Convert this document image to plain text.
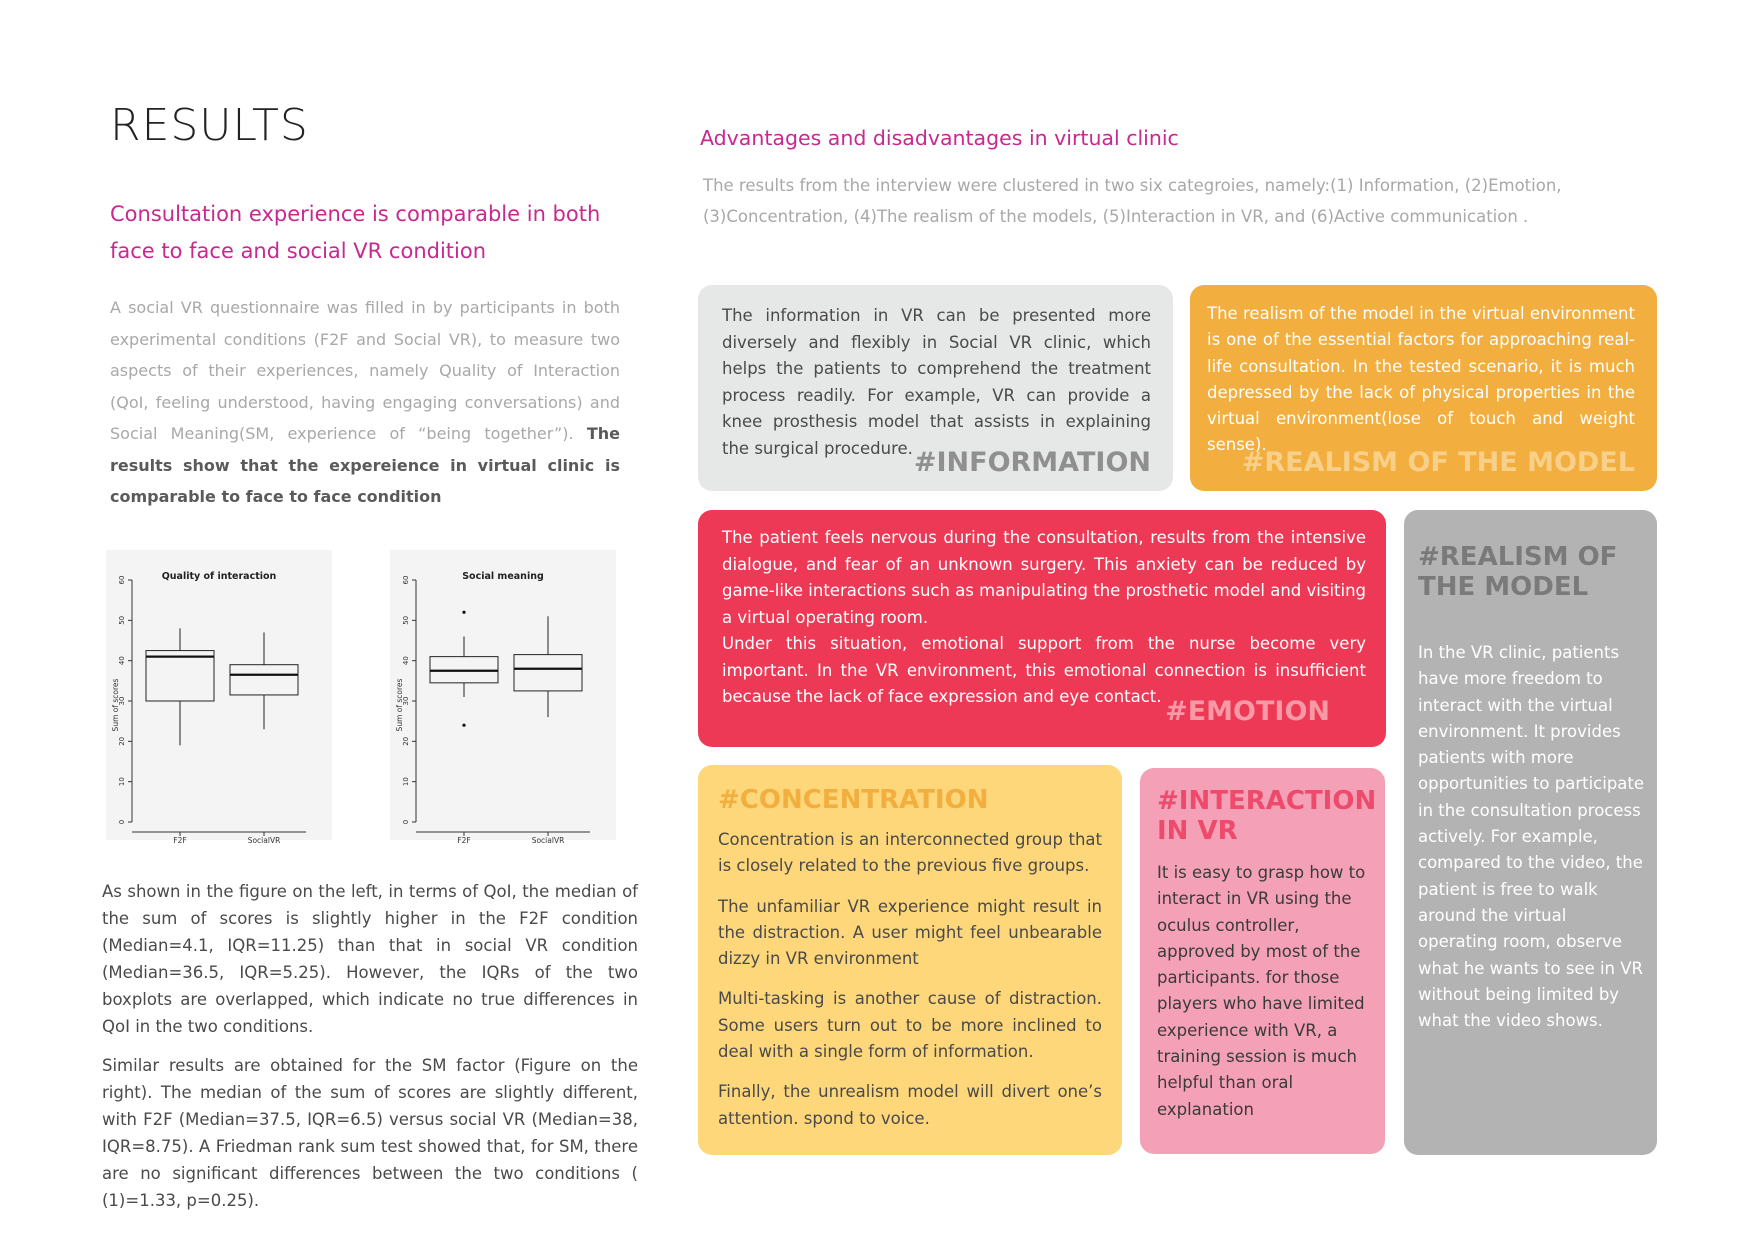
RESULTS
Consultation experience is comparable in both face to face and social VR condition
A social VR questionnaire was filled in by participants in both experimental conditions (F2F and Social VR), to measure two aspects of their experiences, namely Quality of Interaction (QoI, feeling understood, having engaging conversations) and Social Meaning(SM, experience of “being together”). The results show that the expereience in virtual clinic is comparable to face to face condition
Quality of interaction
0
10
20
30
40
50
60
Sum of scores
F2F	SocialVR
Social meaning
0
10
20
30
40
50
60
Sum of scores
F2F	SocialVR

As shown in the figure on the left, in terms of QoI, the median of the sum of scores is slightly higher in the F2F condition (Median=4.1, IQR=11.25) than that in social VR condition (Median=36.5, IQR=5.25). However, the IQRs of the two boxplots are overlapped, which indicate no true differences in QoI in the two conditions.

Similar results are obtained for the SM factor (Figure on the right). The median of the sum of scores are slightly different, with F2F (Median=37.5, IQR=6.5) versus social VR (Median=38, IQR=8.75). A Friedman rank sum test showed that, for SM, there are no significant differences between the two conditions ( (1)=1.33, p=0.25).

Advantages and disadvantages in virtual clinic
The results from the interview were clustered in two six categroies, namely:(1) Information, (2)Emotion,(3)Concentration, (4)The realism of the models, (5)Interaction in VR, and (6)Active communication .

The information in VR can be presented more diversely and flexibly in Social VR clinic, which helps the patients to comprehend the treatment process readily. For example, VR can provide a knee prosthesis model that assists in explaining the surgical procedure. #INFORMATION

The realism of the model in the virtual environment is one of the essential factors for approaching real-life consultation. In the tested scenario, it is much depressed by the lack of physical properties in the virtual environment(lose of touch and weight sense).

#REALISM OF THE MODEL

The patient feels nervous during the consultation, results from the intensive dialogue, and fear of an unknown surgery. This anxiety can be reduced by game-like interactions such as manipulating the prosthetic model and visiting a virtual operating room.

Under this situation, emotional support from the nurse become very important. In the VR environment, this emotional connection is insufficient because the lack of face expression and eye contact. #EMOTION
#REALISM OF THE MODEL

In the VR clinic, patients have more freedom to interact with the virtual environment. It provides patients with more opportunities to participate in the consultation process actively. For example, compared to the video, the patient is free to walk around the virtual operating room, observe what he wants to see in VR without being limited by what the video shows.

#CONCENTRATION

Concentration is an interconnected group that is closely related to the previous five groups.

The unfamiliar VR experience might result in the distraction. A user might feel unbearable dizzy in VR environment

Multi-tasking is another cause of distraction. Some users turn out to be more inclined to deal with a single form of information.

Finally, the unrealism model will divert one’s attention. spond to voice.

#INTERACTION IN VR

It is easy to grasp how to interact in VR using the oculus controller, approved by most of the participants. for those players who have limited experience with VR, a training session is much helpful than oral explanation
